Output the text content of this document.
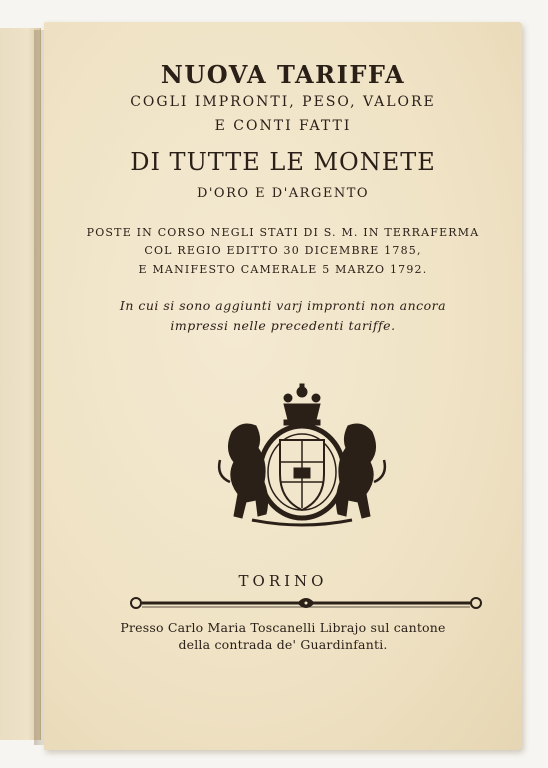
NUOVA TARIFFA
COGLI IMPRONTI, PESO, VALORE
E CONTI FATTI
DI TUTTE LE MONETE
D'ORO E D'ARGENTO
POSTE IN CORSO NEGLI STATI DI S. M. IN TERRAFERMA
COL REGIO EDITTO 30 DICEMBRE 1785,
E MANIFESTO CAMERALE 5 MARZO 1792.
In cui si sono aggiunti varj impronti non ancora
impressi nelle precedenti tariffe.
TORINO
Presso Carlo Maria Toscanelli Librajo sul cantone
della contrada de' Guardinfanti.
